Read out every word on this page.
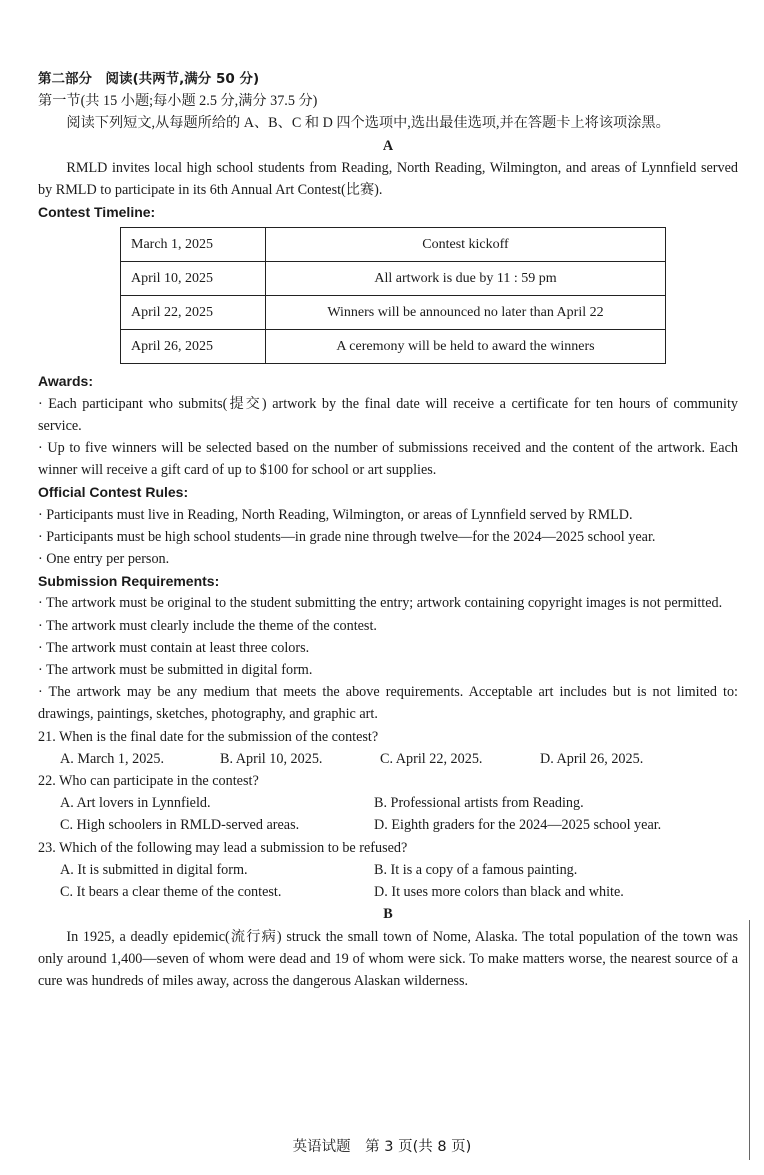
第二部分　阅读(共两节,满分 50 分)

第一节(共 15 小题;每小题 2.5 分,满分 37.5 分)

阅读下列短文,从每题所给的 A、B、C 和 D 四个选项中,选出最佳选项,并在答题卡上将该项涂黑。

A

RMLD invites local high school students from Reading, North Reading, Wilmington, and areas of Lynnfield served by RMLD to participate in its 6th Annual Art Contest(比赛).

Contest Timeline:

March 1, 2025	Contest kickoff
April 10, 2025	All artwork is due by 11 : 59 pm
April 22, 2025	Winners will be announced no later than April 22
April 26, 2025	A ceremony will be held to award the winners

Awards:

· Each participant who submits(提交) artwork by the final date will receive a certificate for ten hours of community service.

· Up to five winners will be selected based on the number of submissions received and the content of the artwork. Each winner will receive a gift card of up to $100 for school or art supplies.

Official Contest Rules:

· Participants must live in Reading, North Reading, Wilmington, or areas of Lynnfield served by RMLD.

· Participants must be high school students—in grade nine through twelve—for the 2024—2025 school year.

· One entry per person.

Submission Requirements:

· The artwork must be original to the student submitting the entry; artwork containing copyright images is not permitted.

· The artwork must clearly include the theme of the contest.

· The artwork must contain at least three colors.

· The artwork must be submitted in digital form.

· The artwork may be any medium that meets the above requirements. Acceptable art includes but is not limited to: drawings, paintings, sketches, photography, and graphic art.

21. When is the final date for the submission of the contest?

A. March 1, 2025.	B. April 10, 2025.	C. April 22, 2025.	D. April 26, 2025.

22. Who can participate in the contest?

A. Art lovers in Lynnfield.	B. Professional artists from Reading.
C. High schoolers in RMLD-served areas.	D. Eighth graders for the 2024—2025 school year.

23. Which of the following may lead a submission to be refused?

A. It is submitted in digital form.	B. It is a copy of a famous painting.
C. It bears a clear theme of the contest.	D. It uses more colors than black and white.

B

In 1925, a deadly epidemic(流行病) struck the small town of Nome, Alaska. The total population of the town was only around 1,400—seven of whom were dead and 19 of whom were sick. To make matters worse, the nearest source of a cure was hundreds of miles away, across the dangerous Alaskan wilderness.

英语试题　第 3 页(共 8 页)
